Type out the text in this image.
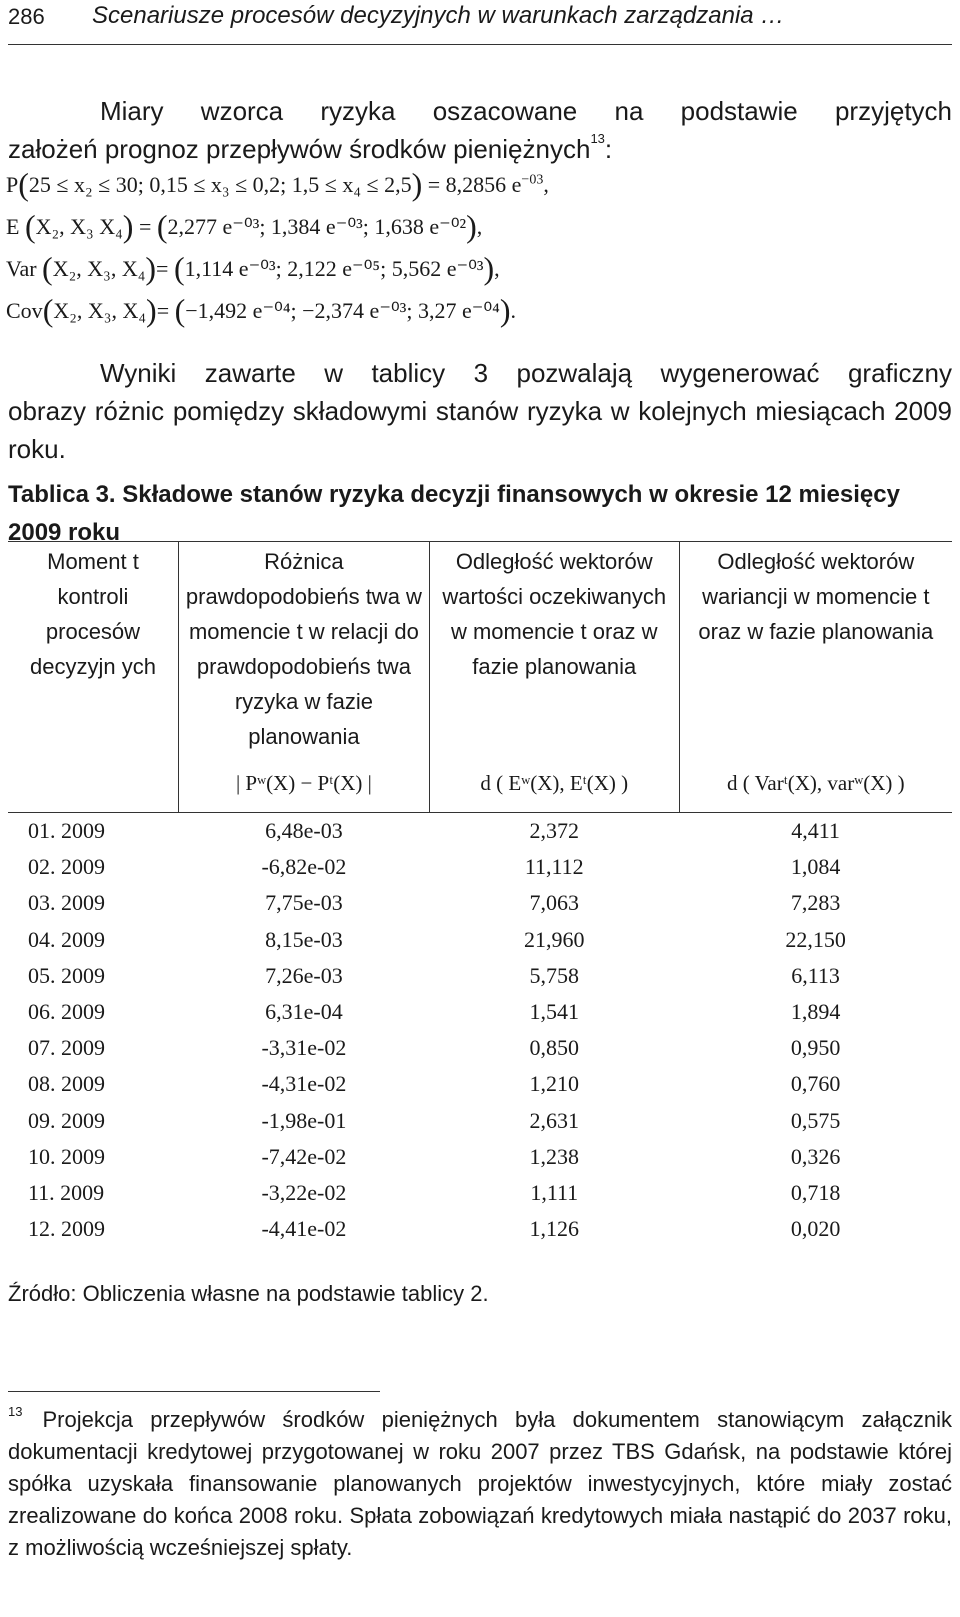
286 Scenariusze procesów decyzyjnych w warunkach zarządzania …
Miary wzorca ryzyka oszacowane na podstawie przyjętych
założeń prognoz przepływów środków pieniężnych$^{13}$:
P(25 ≤ x₂ ≤ 30; 0,15 ≤ x₃ ≤ 0,2; 1,5 ≤ x₄ ≤ 2,5) = 8,2856 $e^{-03}$,
E (X₂, X₃ X₄) = (2,277 e⁻⁰³; 1,384 e⁻⁰³; 1,638 e⁻⁰²),
Var (X₂, X₃, X₄)= (1,114 e⁻⁰³; 2,122 e⁻⁰⁵; 5,562 e⁻⁰³),
Cov(X₂, X₃, X₄)= (−1,492 e⁻⁰⁴; −2,374 e⁻⁰³; 3,27 e⁻⁰⁴).
Wyniki zawarte w tablicy 3 pozwalają wygenerować graficzny
obrazy różnic pomiędzy składowymi stanów ryzyka w kolejnych miesiącach 2009 roku.
Tablica 3. Składowe stanów ryzyka decyzji finansowych w okresie 12 miesięcy 2009 roku
Moment t kontroli procesów decyzyjn ych	Różnica prawdopodobieńs twa w momencie t w relacji do prawdopodobieńs twa ryzyka w fazie planowania	Odległość wektorów wartości oczekiwanych w momencie t oraz w fazie planowania	Odległość wektorów wariancji w momencie t oraz w fazie planowania
	| Pʷ(X) − Pᵗ(X) |	d ( Eʷ(X), Eᵗ(X) )	d ( Varᵗ(X), varʷ(X) )
01. 2009	6,48e-03	2,372	4,411
02. 2009	-6,82e-02	11,112	1,084
03. 2009	7,75e-03	7,063	7,283
04. 2009	8,15e-03	21,960	22,150
05. 2009	7,26e-03	5,758	6,113
06. 2009	6,31e-04	1,541	1,894
07. 2009	-3,31e-02	0,850	0,950
08. 2009	-4,31e-02	1,210	0,760
09. 2009	-1,98e-01	2,631	0,575
10. 2009	-7,42e-02	1,238	0,326
11. 2009	-3,22e-02	1,111	0,718
12. 2009	-4,41e-02	1,126	0,020
Źródło: Obliczenia własne na podstawie tablicy 2.
$^{13}$ Projekcja przepływów środków pieniężnych była dokumentem stanowiącym załącznik dokumentacji kredytowej przygotowanej w roku 2007 przez TBS Gdańsk, na podstawie której spółka uzyskała finansowanie planowanych projektów inwestycyjnych, które miały zostać zrealizowane do końca 2008 roku. Spłata zobowiązań kredytowych miała nastąpić do 2037 roku, z możliwością wcześniejszej spłaty.
